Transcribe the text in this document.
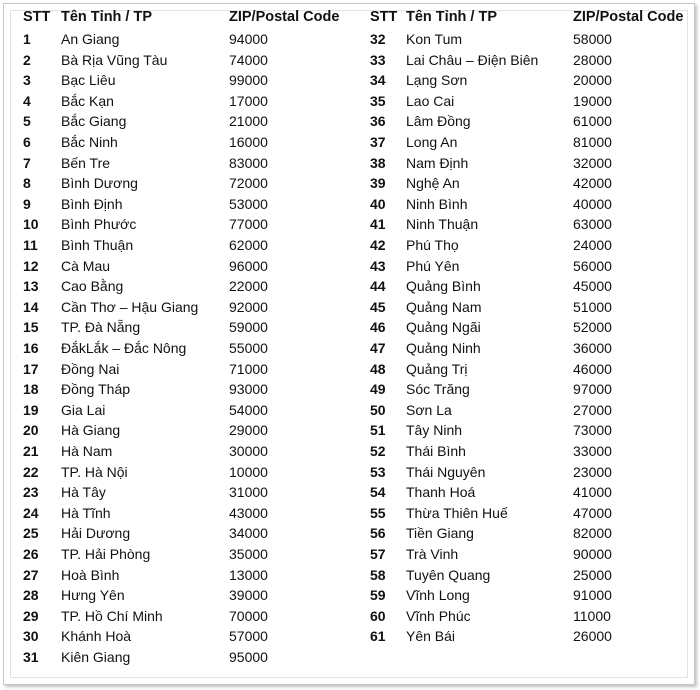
STT Tên Tỉnh / TP	ZIP/Postal Code STT Tên Tỉnh / TP	ZIP/Postal Code
1 An Giang	94000
2 Bà Rịa Vũng Tàu	74000
3 Bạc Liêu	99000
4 Bắc Kạn	17000
5 Bắc Giang	21000
6 Bắc Ninh	16000
7 Bến Tre	83000
8 Bình Dương	72000
9 Bình Định	53000
10 Bình Phước	77000
11 Bình Thuận	62000
12 Cà Mau	96000
13 Cao Bằng	22000
14 Cần Thơ – Hậu Giang 92000
15 TP. Đà Nẵng	59000
16 ĐắkLắk – Đắc Nông	55000
17 Đồng Nai	71000
18 Đồng Tháp	93000
19 Gia Lai	54000
20 Hà Giang	29000
21 Hà Nam	30000
22 TP. Hà Nội	10000
23 Hà Tây	31000
24 Hà Tĩnh	43000
25 Hải Dương	34000
26 TP. Hải Phòng	35000
27 Hoà Bình	13000
28 Hưng Yên	39000
29 TP. Hồ Chí Minh	70000
30 Khánh Hoà	57000
31 Kiên Giang	95000
32 Kon Tum	58000
33 Lai Châu – Điện Biên 28000
34 Lạng Sơn	20000
35 Lao Cai	19000
36 Lâm Đồng	61000
37 Long An	81000
38 Nam Định	32000
39 Nghệ An	42000
40 Ninh Bình	40000
41 Ninh Thuận	63000
42 Phú Thọ	24000
43 Phú Yên	56000
44 Quảng Bình	45000
45 Quảng Nam	51000
46 Quảng Ngãi	52000
47 Quảng Ninh	36000
48 Quảng Trị	46000
49 Sóc Trăng	97000
50 Sơn La	27000
51 Tây Ninh	73000
52 Thái Bình	33000
53 Thái Nguyên	23000
54 Thanh Hoá	41000
55 Thừa Thiên Huế	47000
56 Tiền Giang	82000
57 Trà Vinh	90000
58 Tuyên Quang	25000
59 Vĩnh Long	91000
60 Vĩnh Phúc	11000
61 Yên Bái	26000
